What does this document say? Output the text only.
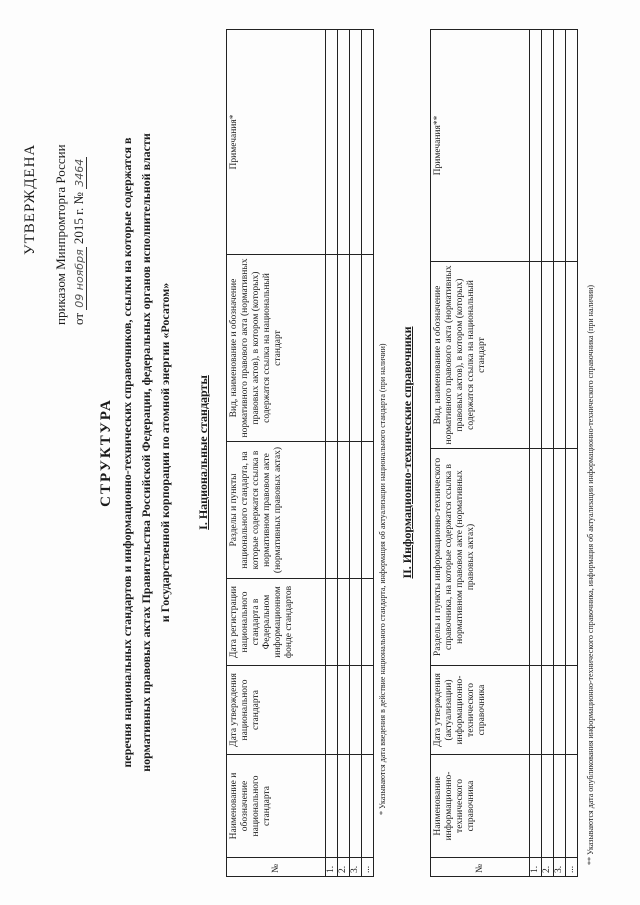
УТВЕРЖДЕНА приказом Минпромторга России от 09 ноября 2015 г. № 3464
СТРУКТУРА перечня национальных стандартов и информационно-технических справочников, ссылки на которые содержатся в нормативных правовых актах Правительства Российской Федерации, федеральных органов исполнительной власти и Государственной корпорации по атомной энергии «Росатом» I. Национальные стандарты
№	Наименование и обозначение национального стандарта	Дата утверждения национального стандарта	Дата регистрации национального стандарта в Федеральном информационном фонде стандартов	Разделы и пункты национального стандарта, на которые содержатся ссылка в нормативном правовом акте (нормативных правовых актах)	Вид, наименование и обозначение нормативного правового акта (нормативных правовых актов), в котором (которых) содержатся ссылка на национальный стандарт	Примечания*
1.						
2.						
3.						
...						
* Указываются дата введения в действие национального стандарта, информация об актуализации национального стандарта (при наличии) II. Информационно-технические справочники
№	Наименование информационно-технического справочника	Дата утверждения (актуализации) информационно-технического справочника	Разделы и пункты информационно-технического справочника, на которые содержатся ссылка в нормативном правовом акте (нормативных правовых актах)	Вид, наименование и обозначение нормативного правового акта (нормативных правовых актов), в котором (которых) содержатся ссылка на национальный стандарт	Примечания**
1.					
2.					
3.					
...					
** Указываются дата опубликования информационно-технического справочника, информация об актуализации информационно-технического справочника (при наличии)
